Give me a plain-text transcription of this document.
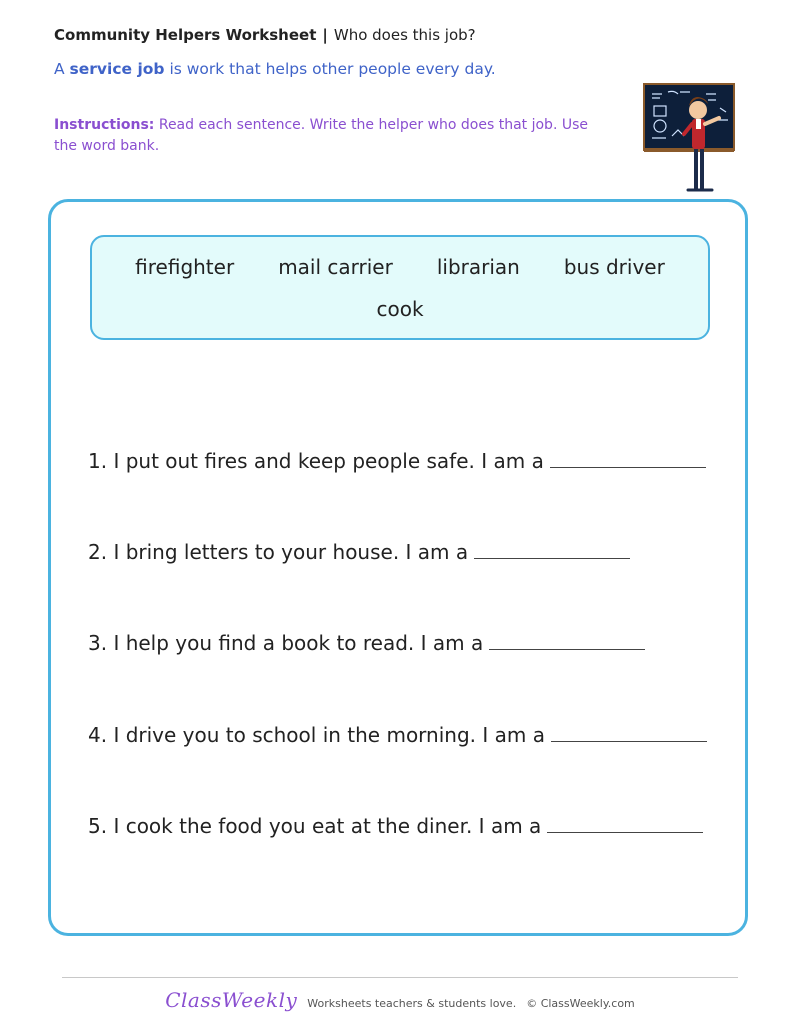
Community Helpers Worksheet | Who does this job?
A service job is work that helps other people every day.
Instructions: Read each sentence. Write the helper who does that job. Use the word bank.
firefighter	mail carrier	librarian	bus driver
cook
1. I put out fires and keep people safe. I am a
2. I bring letters to your house. I am a
3. I help you find a book to read. I am a
4. I drive you to school in the morning. I am a
5. I cook the food you eat at the diner. I am a
ClassWeekly Worksheets teachers & students love. © ClassWeekly.com
